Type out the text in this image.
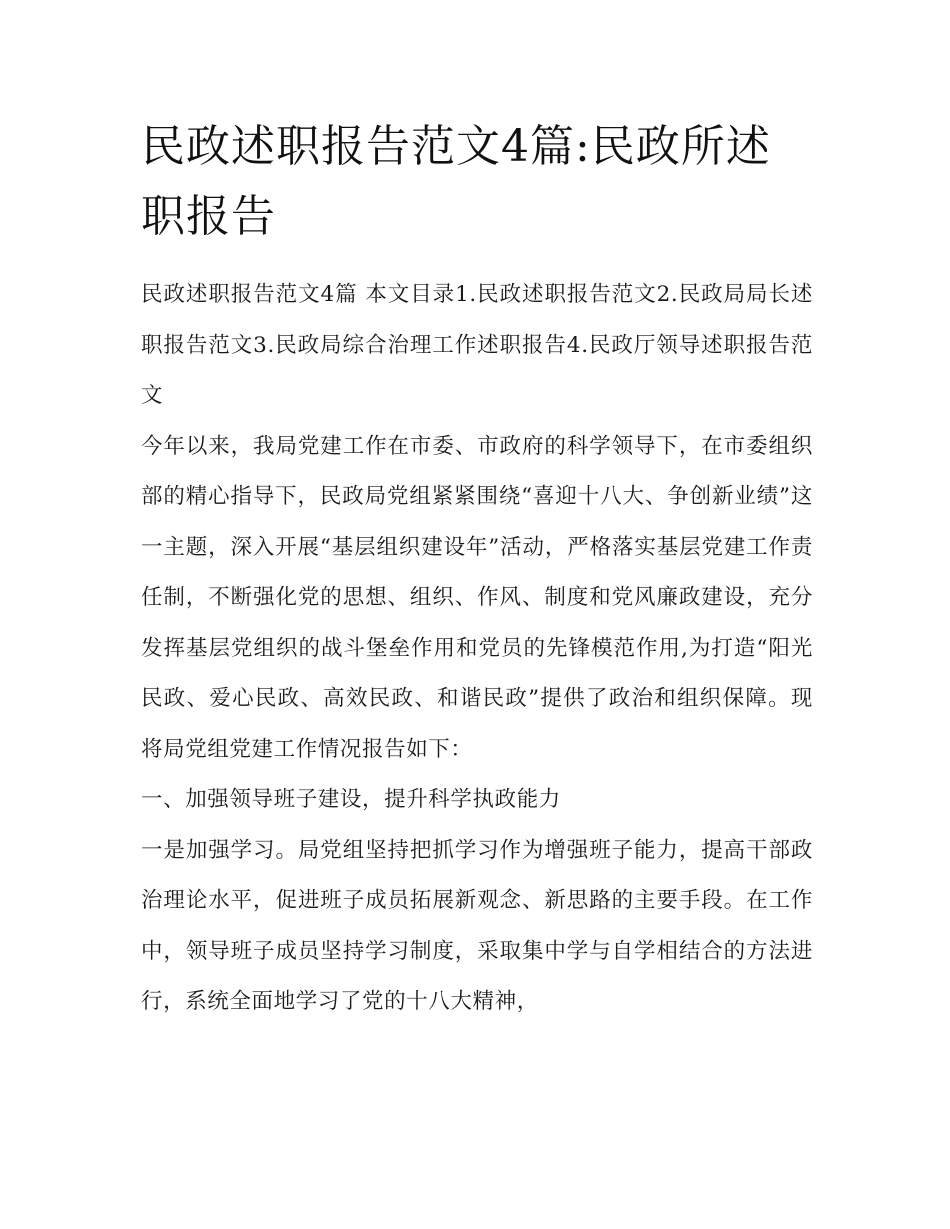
民政述职报告范文4篇:民政所述职报告

民政述职报告范文4篇 本文目录1.民政述职报告范文2.民政局局长述职报告范文3.民政局综合治理工作述职报告4.民政厅领导述职报告范文

今年以来，我局党建工作在市委、市政府的科学领导下，在市委组织部的精心指导下，民政局党组紧紧围绕“喜迎十八大、争创新业绩”这一主题，深入开展“基层组织建设年”活动，严格落实基层党建工作责任制，不断强化党的思想、组织、作风、制度和党风廉政建设，充分发挥基层党组织的战斗堡垒作用和党员的先锋模范作用,为打造“阳光民政、爱心民政、高效民政、和谐民政”提供了政治和组织保障。现将局党组党建工作情况报告如下：

一、加强领导班子建设，提升科学执政能力

一是加强学习。局党组坚持把抓学习作为增强班子能力，提高干部政治理论水平，促进班子成员拓展新观念、新思路的主要手段。在工作中，领导班子成员坚持学习制度，采取集中学与自学相结合的方法进行，系统全面地学习了党的十八大精神，
